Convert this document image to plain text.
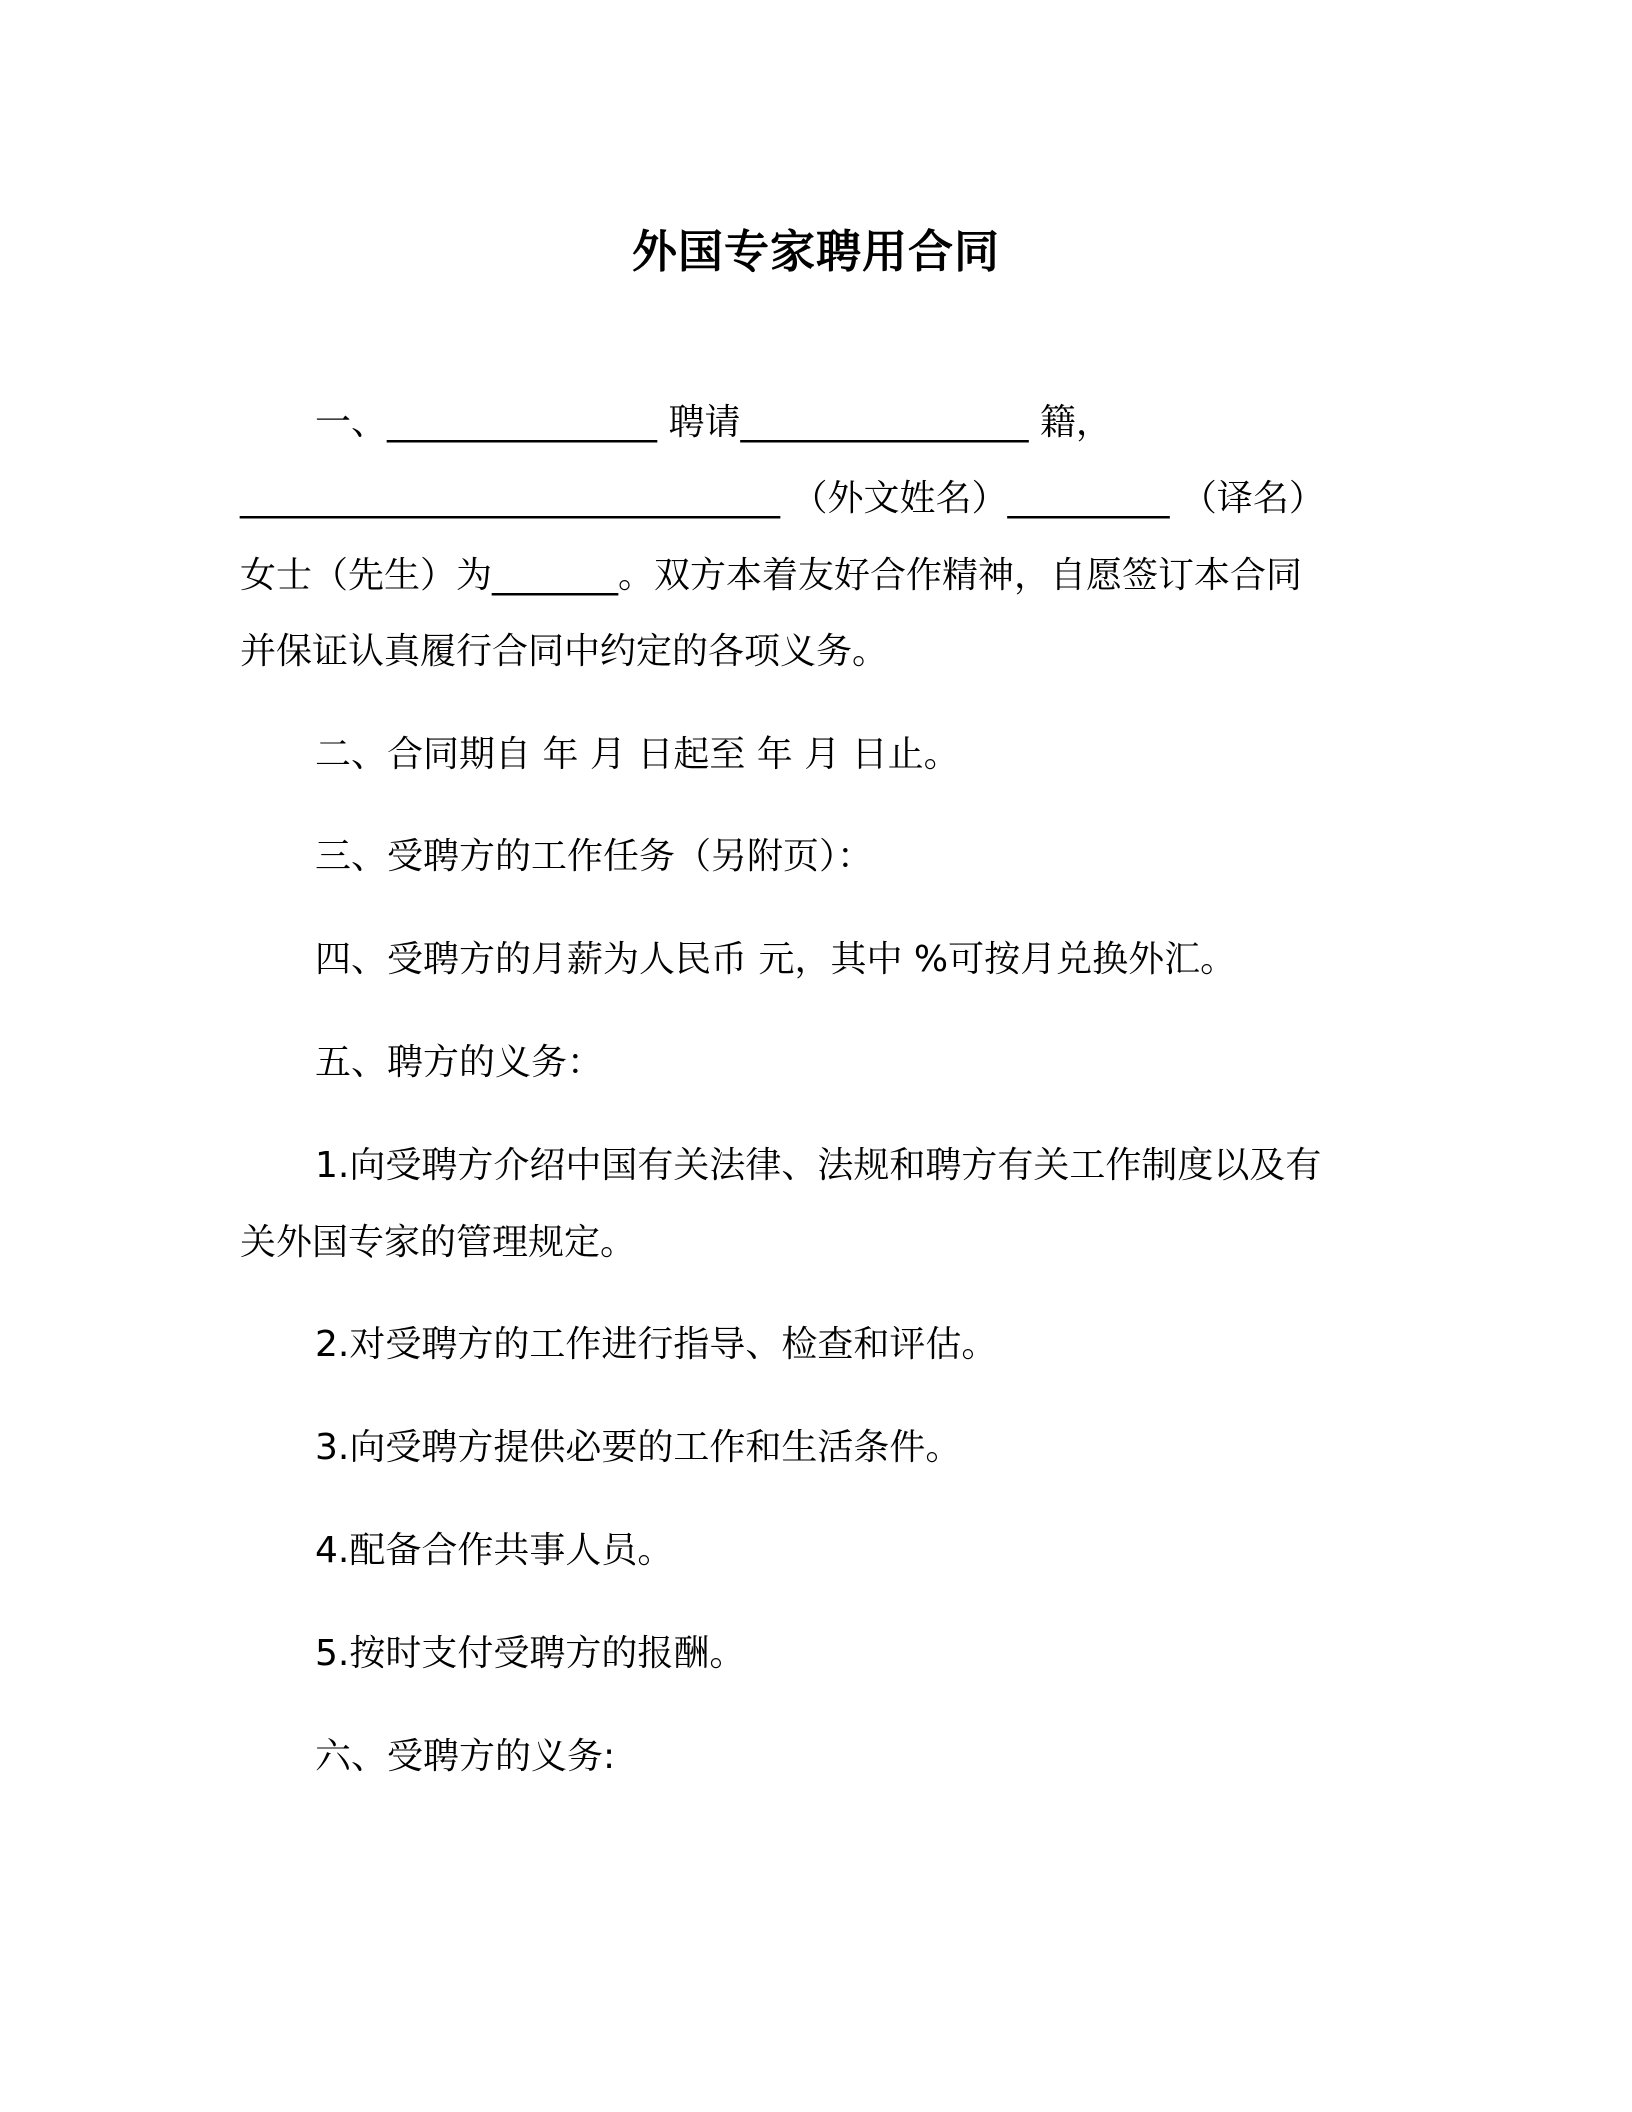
外国专家聘用合同
一、_______________ 聘请________________ 籍，
______________________________ （外文姓名）_________ （译名）
女士（先生）为_______。双方本着友好合作精神，自愿签订本合同
并保证认真履行合同中约定的各项义务。
二、合同期自 年 月 日起至 年 月 日止。
三、受聘方的工作任务（另附页）：
四、受聘方的月薪为人民币 元，其中 %可按月兑换外汇。
五、聘方的义务：
1.向受聘方介绍中国有关法律、法规和聘方有关工作制度以及有
关外国专家的管理规定。
2.对受聘方的工作进行指导、检查和评估。
3.向受聘方提供必要的工作和生活条件。
4.配备合作共事人员。
5.按时支付受聘方的报酬。
六、受聘方的义务:
